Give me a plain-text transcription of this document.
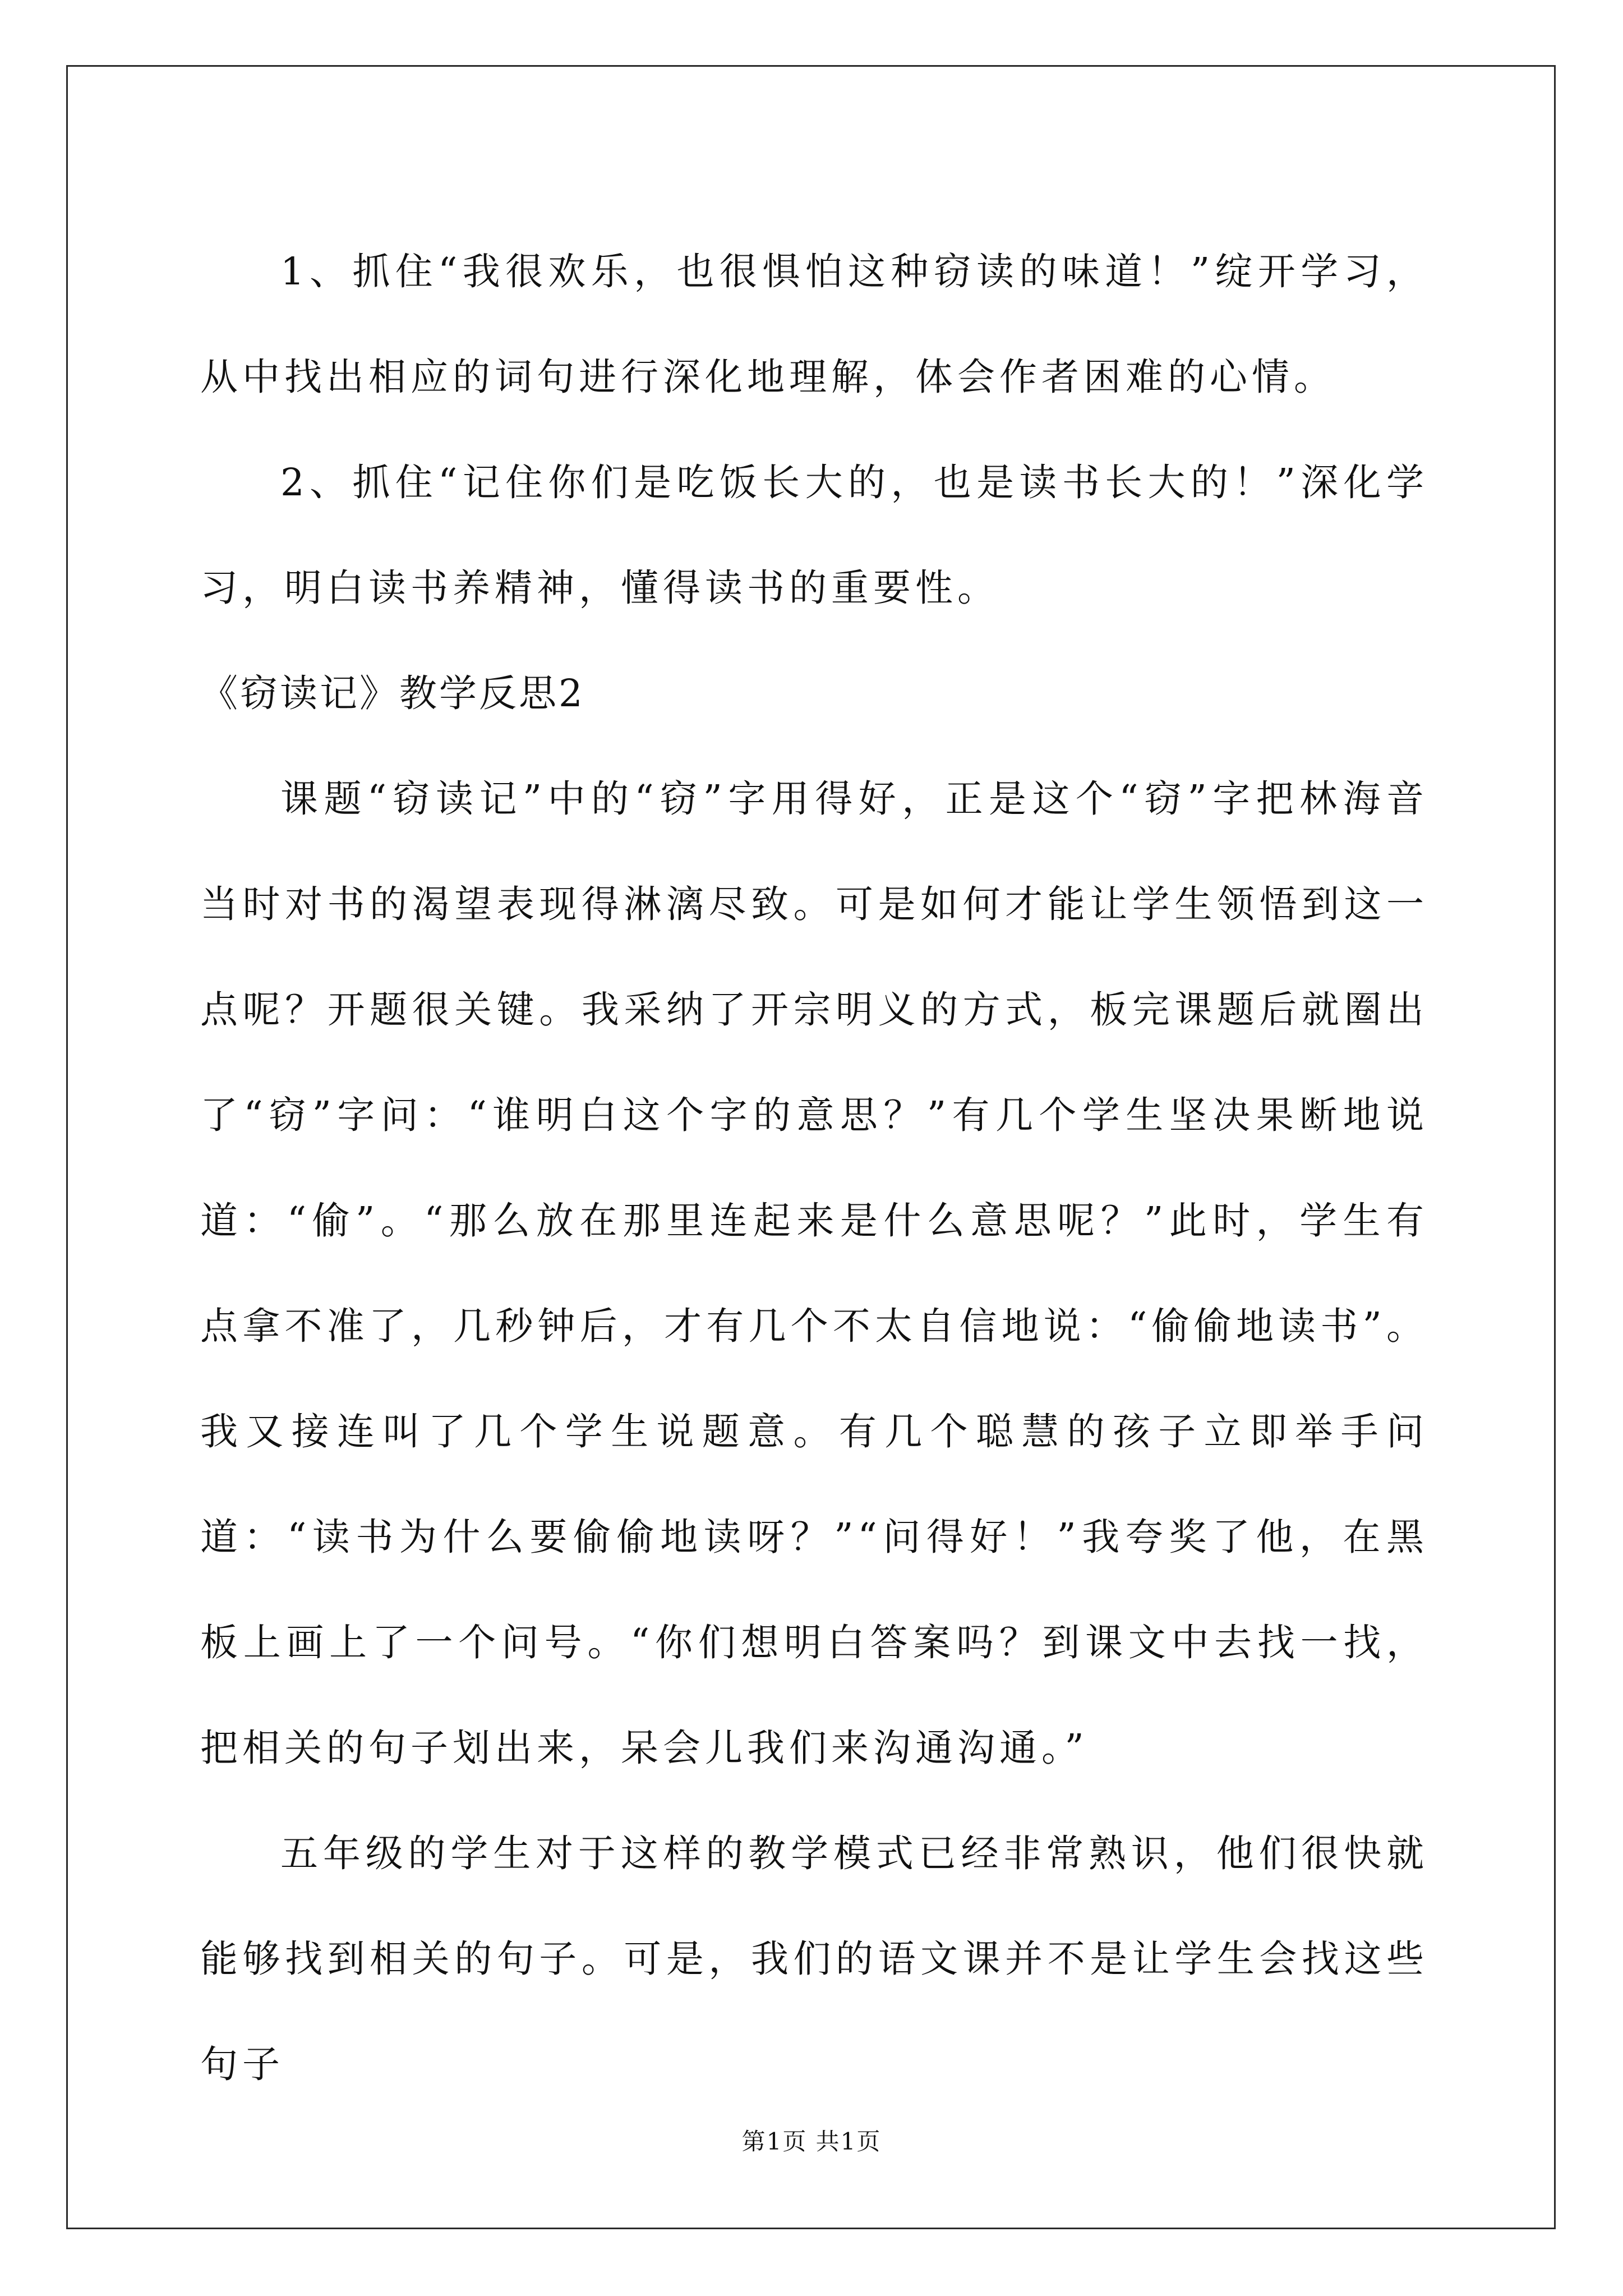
1、抓住“我很欢乐，也很惧怕这种窃读的味道！”绽开学习，从中找出相应的词句进行深化地理解，体会作者困难的心情。

2、抓住“记住你们是吃饭长大的，也是读书长大的！”深化学习，明白读书养精神，懂得读书的重要性。

《窃读记》教学反思2

课题“窃读记”中的“窃”字用得好，正是这个“窃”字把林海音当时对书的渴望表现得淋漓尽致。可是如何才能让学生领悟到这一点呢？开题很关键。我采纳了开宗明义的方式，板完课题后就圈出了“窃”字问：“谁明白这个字的意思？”有几个学生坚决果断地说道：“偷”。“那么放在那里连起来是什么意思呢？”此时，学生有点拿不准了，几秒钟后，才有几个不太自信地说：“偷偷地读书”。我又接连叫了几个学生说题意。有几个聪慧的孩子立即举手问道：“读书为什么要偷偷地读呀？”“问得好！”我夸奖了他，在黑板上画上了一个问号。“你们想明白答案吗？到课文中去找一找，把相关的句子划出来，呆会儿我们来沟通沟通。”

五年级的学生对于这样的教学模式已经非常熟识，他们很快就能够找到相关的句子。可是，我们的语文课并不是让学生会找这些句子

第1页 共1页
